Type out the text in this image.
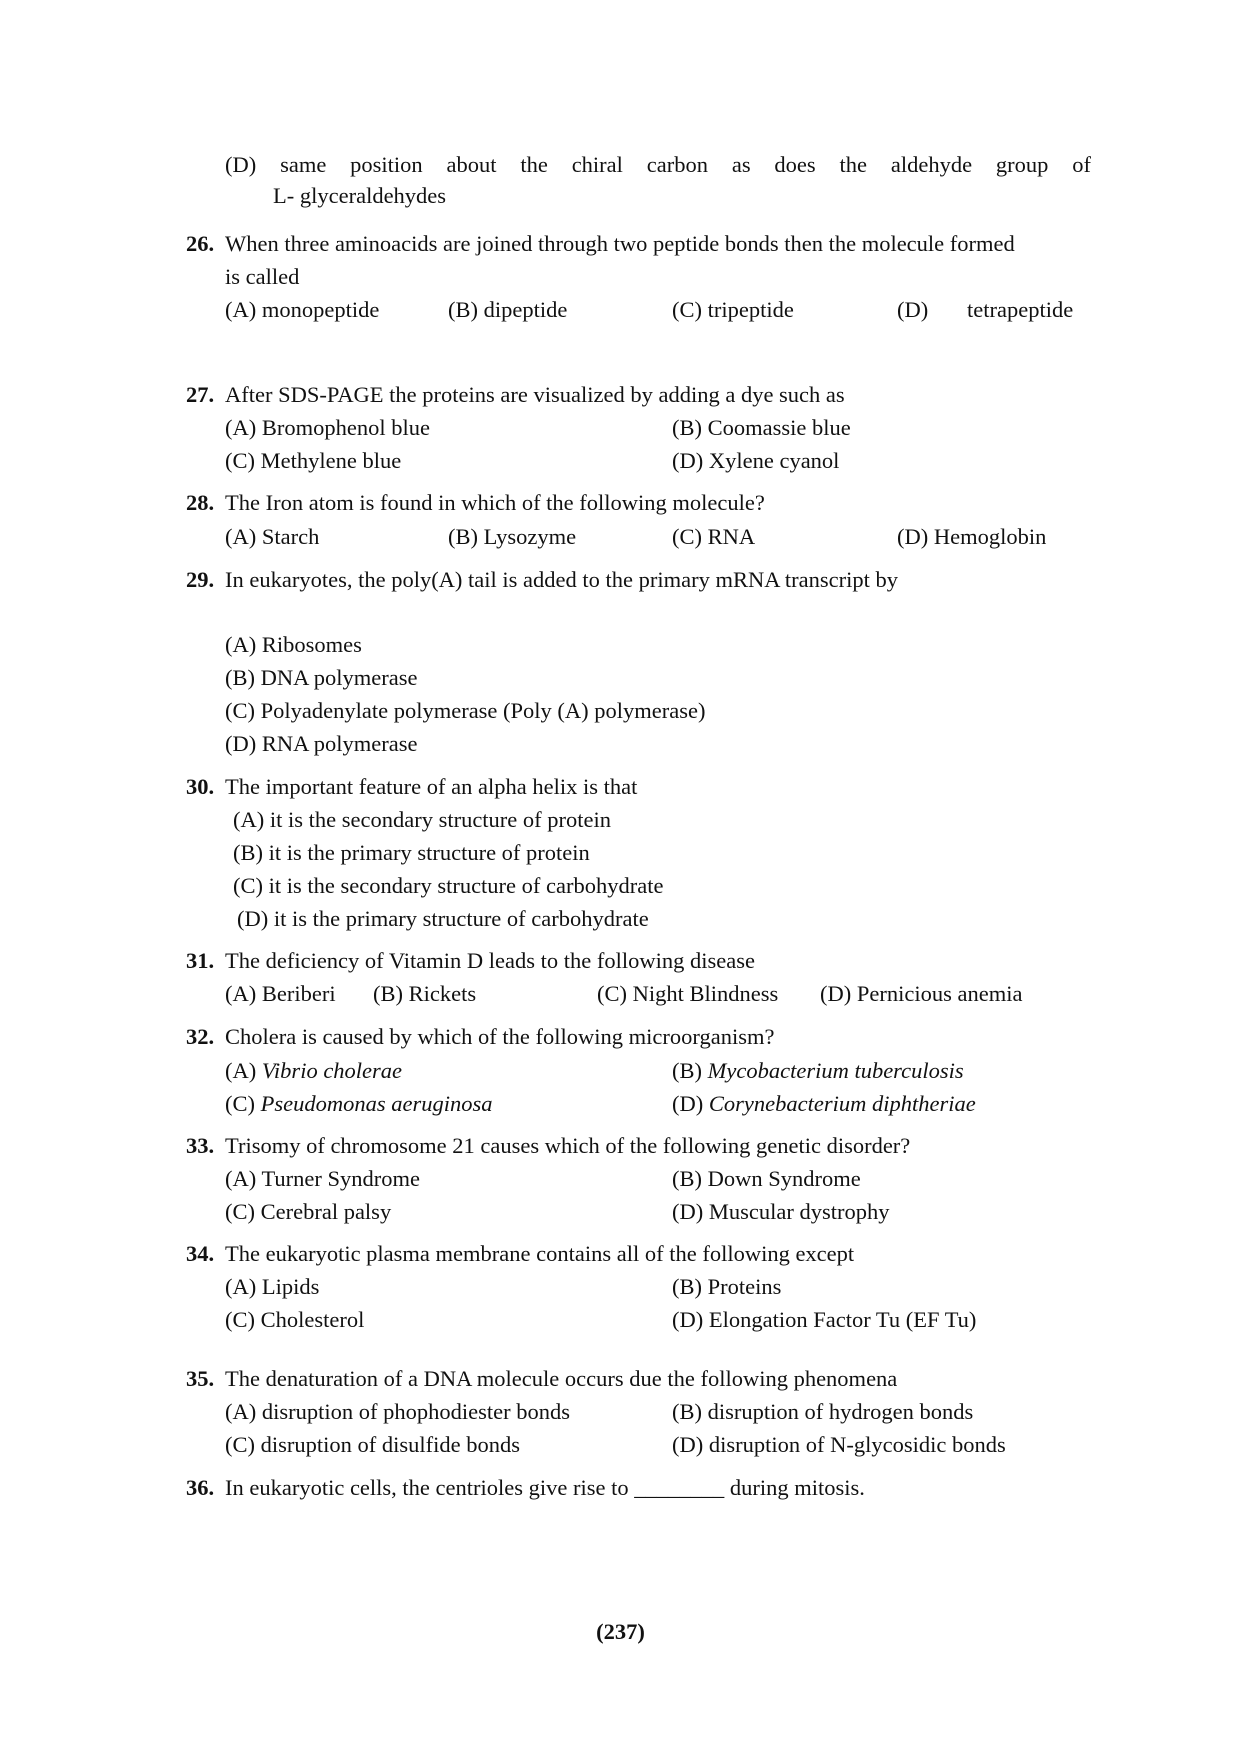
(D) same position about the chiral carbon as does the aldehyde group of
L- glyceraldehydes
26. When three aminoacids are joined through two peptide bonds then the molecule formed
is called
(A) monopeptide	(B) dipeptide	(C) tripeptide	(D) tetrapeptide
27. After SDS-PAGE the proteins are visualized by adding a dye such as
(A) Bromophenol blue	(B) Coomassie blue
(C) Methylene blue	(D) Xylene cyanol
28. The Iron atom is found in which of the following molecule?
(A) Starch	(B) Lysozyme	(C) RNA	(D) Hemoglobin
29. In eukaryotes, the poly(A) tail is added to the primary mRNA transcript by
(A) Ribosomes
(B) DNA polymerase
(C) Polyadenylate polymerase (Poly (A) polymerase)
(D) RNA polymerase
30. The important feature of an alpha helix is that
(A) it is the secondary structure of protein
(B) it is the primary structure of protein
(C) it is the secondary structure of carbohydrate
(D) it is the primary structure of carbohydrate
31. The deficiency of Vitamin D leads to the following disease
(A) Beriberi (B) Rickets	(C) Night Blindness (D) Pernicious anemia
32. Cholera is caused by which of the following microorganism?
(A) Vibrio cholerae	(B) Mycobacterium tuberculosis
(C) Pseudomonas aeruginosa	(D) Corynebacterium diphtheriae
33. Trisomy of chromosome 21 causes which of the following genetic disorder?
(A) Turner Syndrome	(B) Down Syndrome
(C) Cerebral palsy	(D) Muscular dystrophy
34. The eukaryotic plasma membrane contains all of the following except
(A) Lipids	(B) Proteins
(C) Cholesterol	(D) Elongation Factor Tu (EF Tu)
35. The denaturation of a DNA molecule occurs due the following phenomena
(A) disruption of phophodiester bonds	(B) disruption of hydrogen bonds
(C) disruption of disulfide bonds	(D) disruption of N-glycosidic bonds
36. In eukaryotic cells, the centrioles give rise to ________ during mitosis.
(237)
